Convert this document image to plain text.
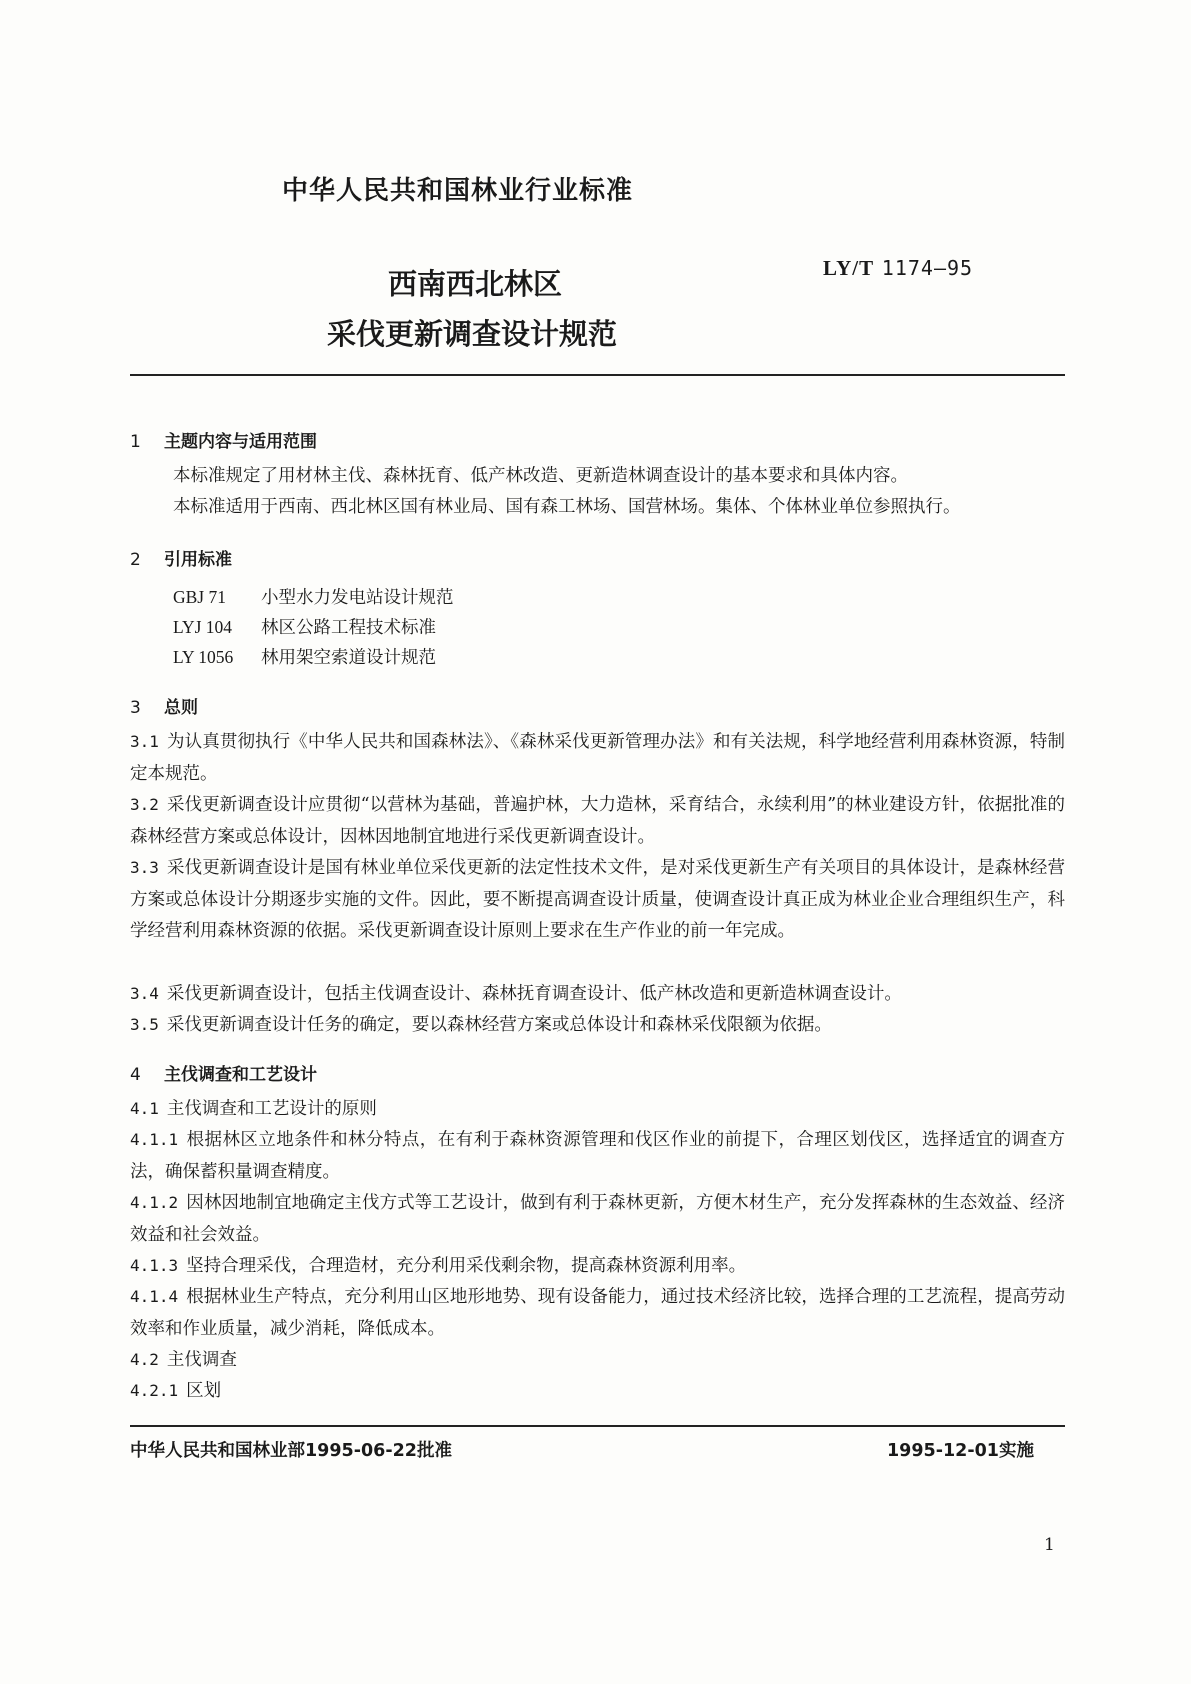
中华人民共和国林业行业标准
西南西北林区
采伐更新调查设计规范
LY/T 1174—95
1 主题内容与适用范围
本标准规定了用材林主伐、森林抚育、低产林改造、更新造林调查设计的基本要求和具体内容。
本标准适用于西南、西北林区国有林业局、国有森工林场、国营林场。集体、个体林业单位参照执行。
2 引用标准
GBJ 71 小型水力发电站设计规范
LYJ 104 林区公路工程技术标准
LY 1056 林用架空索道设计规范
3 总则
3.1 为认真贯彻执行《中华人民共和国森林法》、《森林采伐更新管理办法》和有关法规，科学地经营利用森林资源，特制定本规范。
3.2 采伐更新调查设计应贯彻“以营林为基础，普遍护林，大力造林，采育结合，永续利用”的林业建设方针，依据批准的森林经营方案或总体设计，因林因地制宜地进行采伐更新调查设计。
3.3 采伐更新调查设计是国有林业单位采伐更新的法定性技术文件，是对采伐更新生产有关项目的具体设计，是森林经营方案或总体设计分期逐步实施的文件。因此，要不断提高调查设计质量，使调查设计真正成为林业企业合理组织生产，科学经营利用森林资源的依据。采伐更新调查设计原则上要求在生产作业的前一年完成。
3.4 采伐更新调查设计，包括主伐调查设计、森林抚育调查设计、低产林改造和更新造林调查设计。
3.5 采伐更新调查设计任务的确定，要以森林经营方案或总体设计和森林采伐限额为依据。
4 主伐调查和工艺设计
4.1 主伐调查和工艺设计的原则
4.1.1 根据林区立地条件和林分特点，在有利于森林资源管理和伐区作业的前提下，合理区划伐区，选择适宜的调查方法，确保蓄积量调查精度。
4.1.2 因林因地制宜地确定主伐方式等工艺设计，做到有利于森林更新，方便木材生产，充分发挥森林的生态效益、经济效益和社会效益。
4.1.3 坚持合理采伐，合理造材，充分利用采伐剩余物，提高森林资源利用率。
4.1.4 根据林业生产特点，充分利用山区地形地势、现有设备能力，通过技术经济比较，选择合理的工艺流程，提高劳动效率和作业质量，减少消耗，降低成本。
4.2 主伐调查
4.2.1 区划
中华人民共和国林业部1995-06-22批准	1995-12-01实施
1
